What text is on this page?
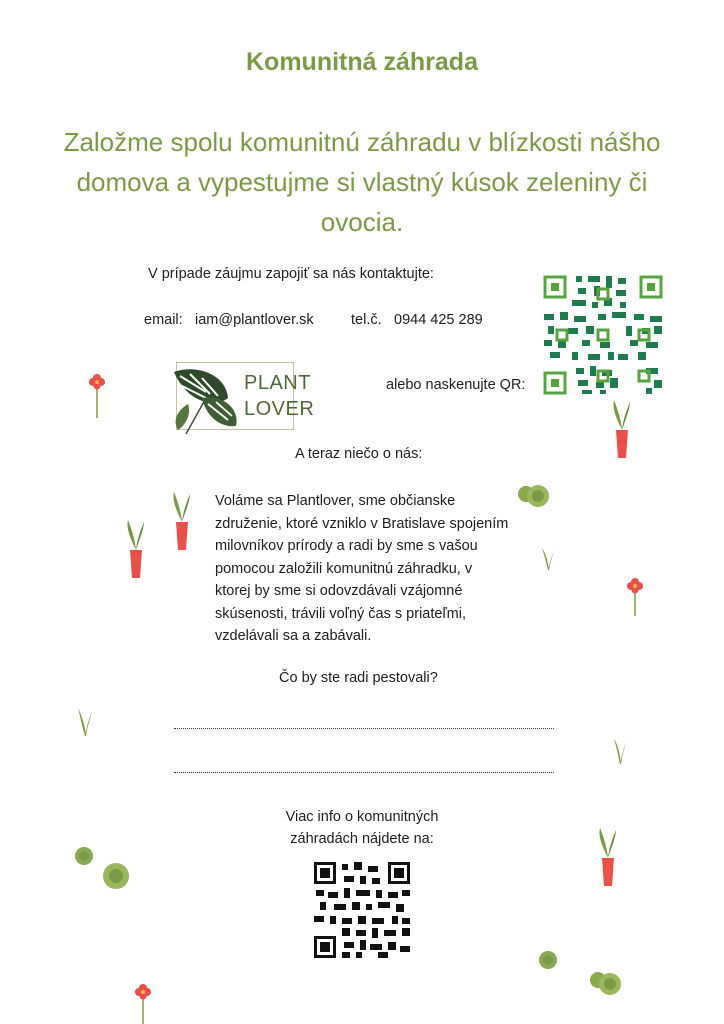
Komunitná záhrada
Založme spolu komunitnú záhradu v blízkosti nášho
domova a vypestujme si vlastný kúsok zeleniny či
ovocia.
V prípade záujmu zapojiť sa nás kontaktujte:
email: iam@plantlover.sk	tel.č. 0944 425 289
alebo naskenujte QR:
PLANT
LOVER
A teraz niečo o nás:
Voláme sa Plantlover, sme občianske
združenie, ktoré vzniklo v Bratislave spojením
milovníkov prírody a radi by sme s vašou
pomocou založili komunitnú záhradku, v
ktorej by sme si odovzdávali vzájomné
skúsenosti, trávili voľný čas s priateľmi,
vzdelávali sa a zabávali.
Čo by ste radi pestovali?
Viac info o komunitných
záhradách nájdete na:
